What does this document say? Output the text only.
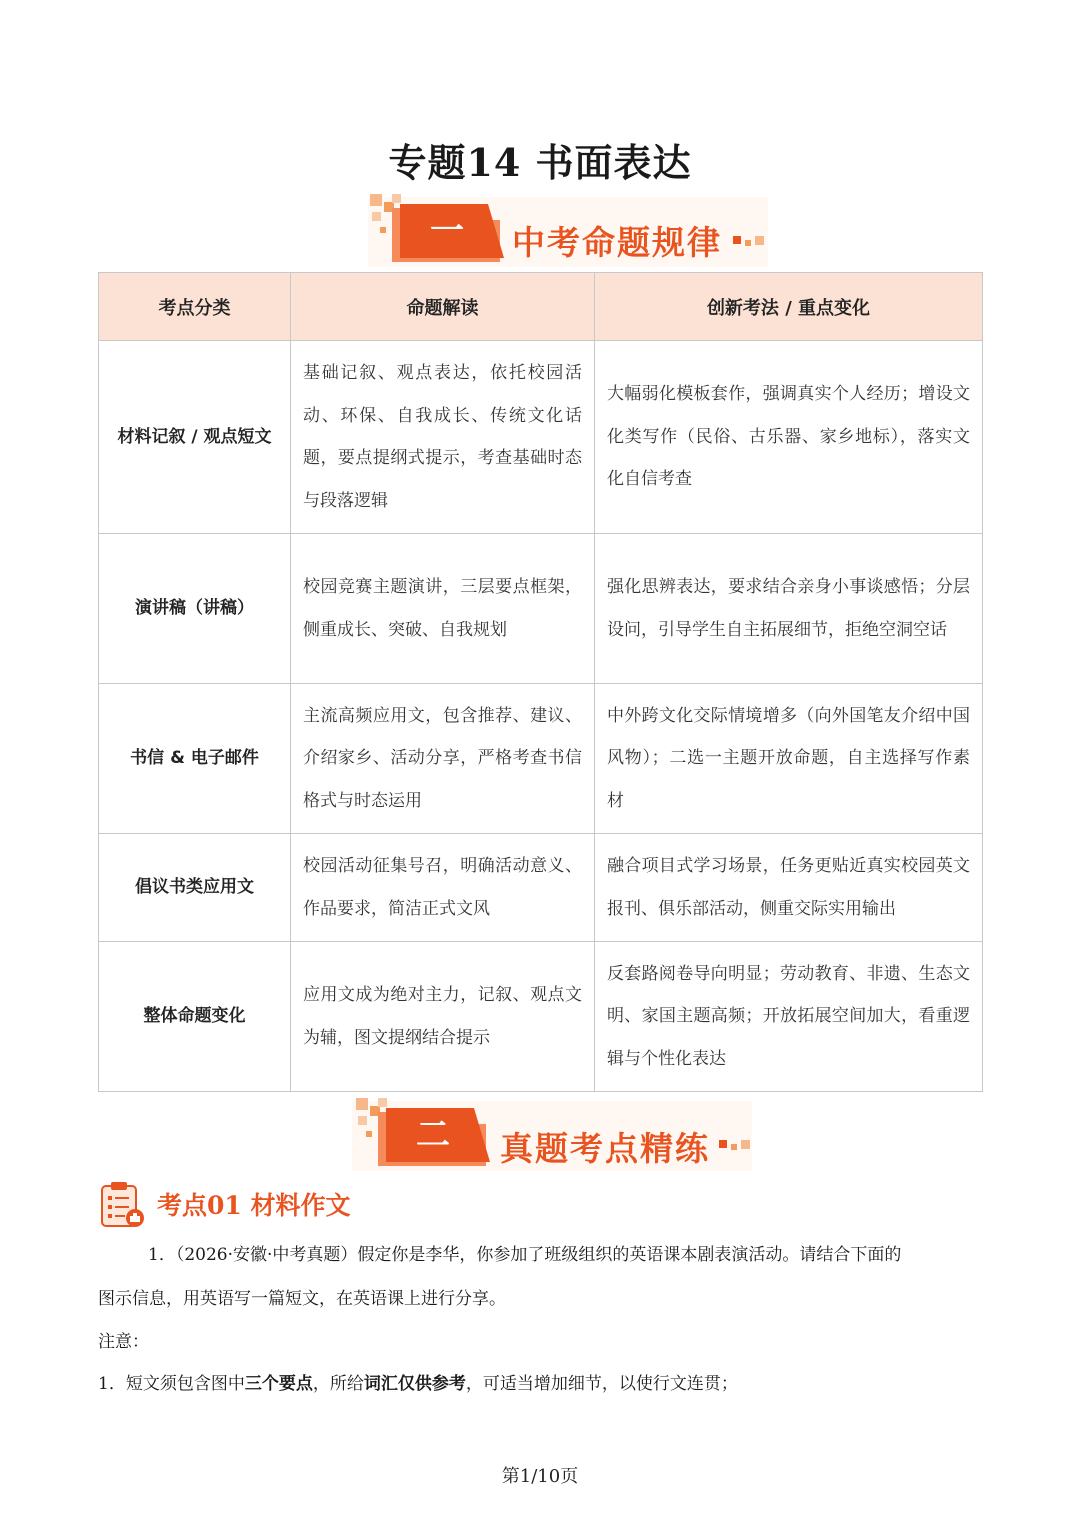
专题14 书面表达
一	中考命题规律
考点分类	命题解读	创新考法 / 重点变化
材料记叙 / 观点短文	基础记叙、观点表达，依托校园活动、环保、自我成长、传统文化话题，要点提纲式提示，考查基础时态与段落逻辑	大幅弱化模板套作，强调真实个人经历；增设文化类写作（民俗、古乐器、家乡地标），落实文化自信考查
演讲稿（讲稿）	校园竞赛主题演讲，三层要点框架，侧重成长、突破、自我规划	强化思辨表达，要求结合亲身小事谈感悟；分层设问，引导学生自主拓展细节，拒绝空洞空话
书信 & 电子邮件	主流高频应用文，包含推荐、建议、介绍家乡、活动分享，严格考查书信格式与时态运用	中外跨文化交际情境增多（向外国笔友介绍中国风物）；二选一主题开放命题，自主选择写作素材
倡议书类应用文	校园活动征集号召，明确活动意义、作品要求，简洁正式文风	融合项目式学习场景，任务更贴近真实校园英文报刊、俱乐部活动，侧重交际实用输出
整体命题变化	应用文成为绝对主力，记叙、观点文为辅，图文提纲结合提示	反套路阅卷导向明显；劳动教育、非遗、生态文明、家国主题高频；开放拓展空间加大，看重逻辑与个性化表达
二	真题考点精练
考点01 材料作文
1．（2026·安徽·中考真题）假定你是李华，你参加了班级组织的英语课本剧表演活动。请结合下面的
图示信息，用英语写一篇短文，在英语课上进行分享。
注意：
1．短文须包含图中三个要点，所给词汇仅供参考，可适当增加细节，以使行文连贯；
第1/10页
